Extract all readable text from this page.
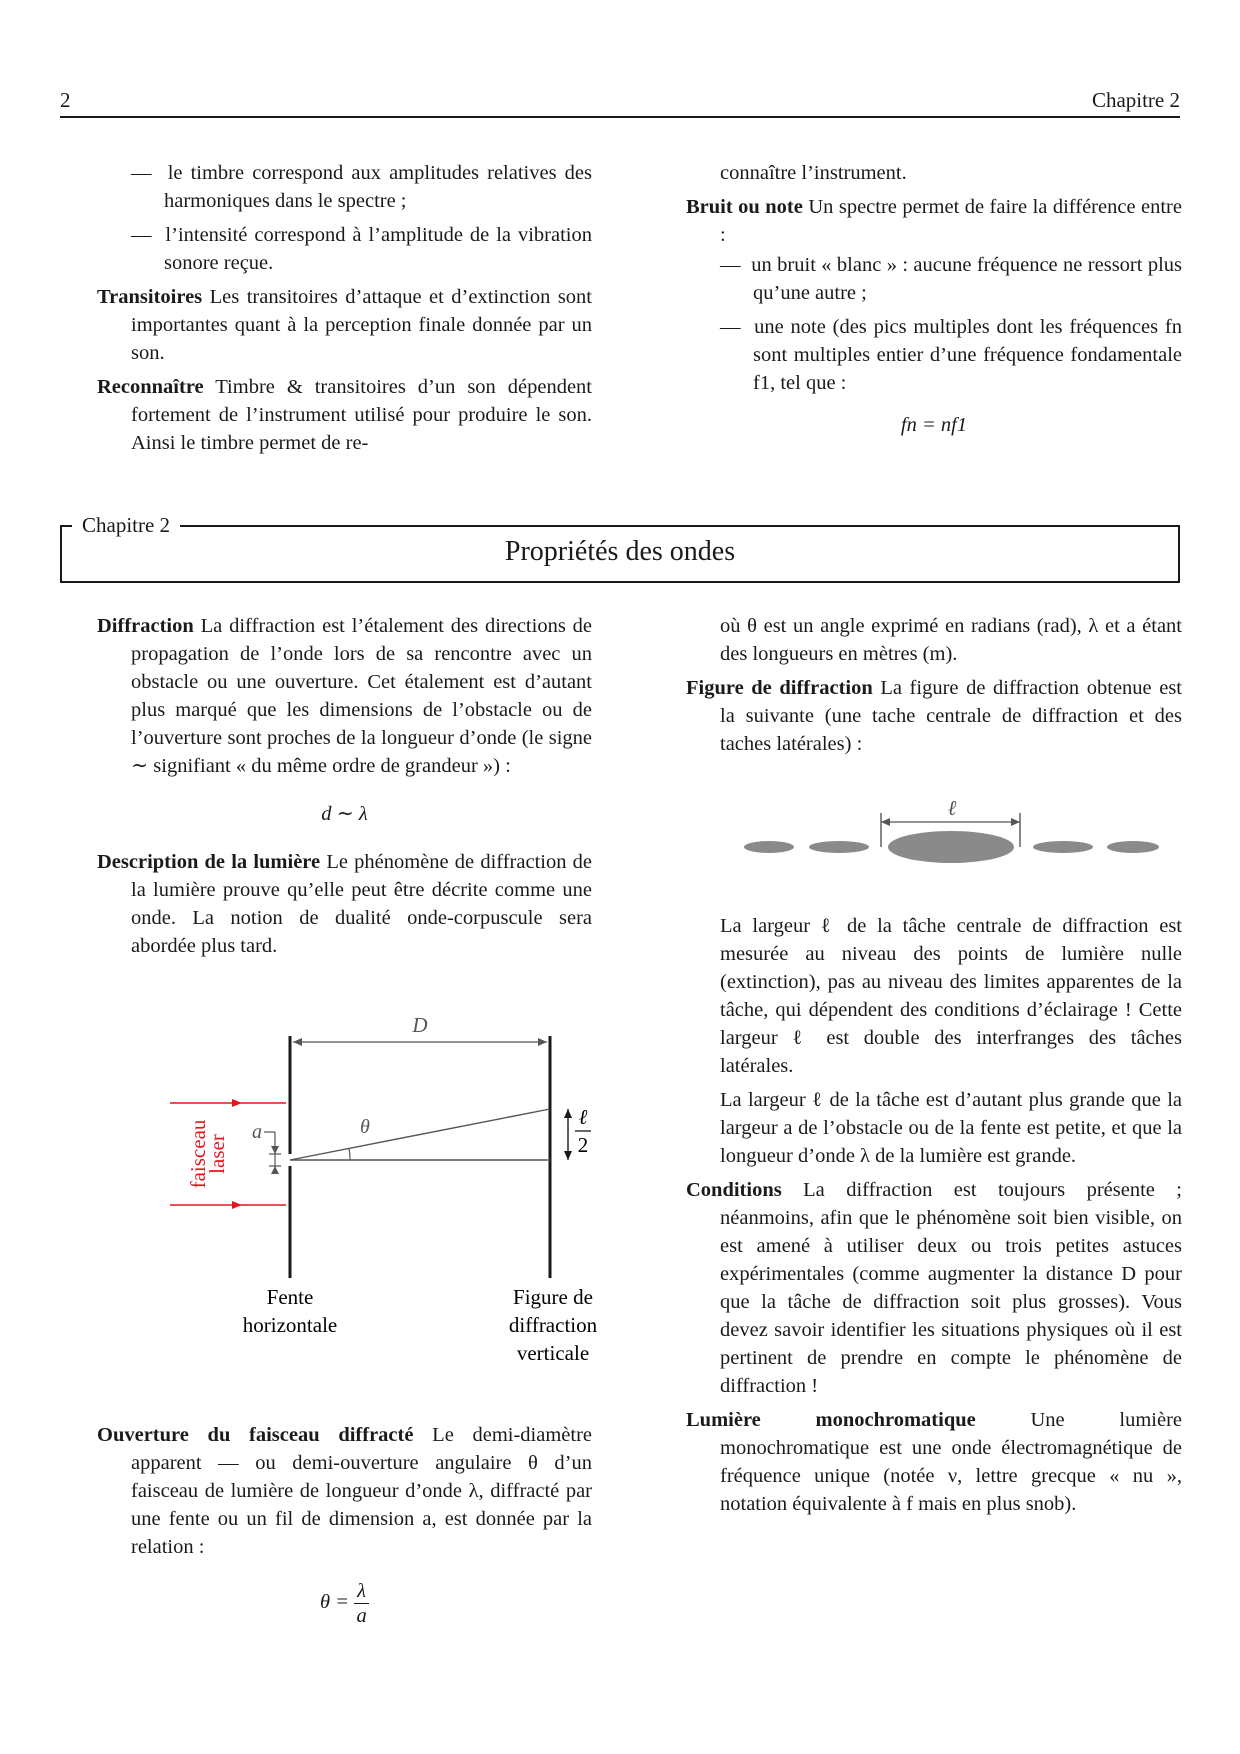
2	Chapitre 2

—  le timbre correspond aux amplitudes relatives des harmoniques dans le spectre ;

—  l’intensité correspond à l’amplitude de la vibration sonore reçue.

Transitoires Les transitoires d’attaque et d’extinction sont importantes quant à la perception finale donnée par un son.

Reconnaître Timbre & transitoires d’un son dépendent fortement de l’instrument utilisé pour produire le son. Ainsi le timbre permet de re-

connaître l’instrument.

Bruit ou note Un spectre permet de faire la différence entre :

—  un bruit « blanc » : aucune fréquence ne ressort plus qu’une autre ;

—  une note (des pics multiples dont les fréquences fn sont multiples entier d’une fréquence fondamentale f1, tel que :

fn = nf1

Chapitre 2
Propriétés des ondes

Diffraction La diffraction est l’étalement des directions de propagation de l’onde lors de sa rencontre avec un obstacle ou une ouverture. Cet étalement est d’autant plus marqué que les dimensions de l’obstacle ou de l’ouverture sont proches de la longueur d’onde (le signe ∼ signifiant « du même ordre de grandeur ») :

d ∼ λ

Description de la lumière Le phénomène de diffraction de la lumière prouve qu’elle peut être décrite comme une onde. La notion de dualité onde-corpuscule sera abordée plus tard.

D
faisceau
laser
a	θ	ℓ
2
Fente
horizontale
Figure de
diffraction
verticale

Ouverture du faisceau diffracté Le demi-diamètre apparent — ou demi-ouverture angulaire θ d’un faisceau de lumière de longueur d’onde λ, diffracté par une fente ou un fil de dimension a, est donnée par la relation :

$\theta = \frac{\lambda}{a}$

où θ est un angle exprimé en radians (rad), λ et a étant des longueurs en mètres (m).

Figure de diffraction La figure de diffraction obtenue est la suivante (une tache centrale de diffraction et des taches latérales) :

ℓ

La largeur ℓ de la tâche centrale de diffraction est mesurée au niveau des points de lumière nulle (extinction), pas au niveau des limites apparentes de la tâche, qui dépendent des conditions d’éclairage ! Cette largeur ℓ est double des interfranges des tâches latérales.

La largeur ℓ de la tâche est d’autant plus grande que la largeur a de l’obstacle ou de la fente est petite, et que la longueur d’onde λ de la lumière est grande.

Conditions La diffraction est toujours présente ; néanmoins, afin que le phénomène soit bien visible, on est amené à utiliser deux ou trois petites astuces expérimentales (comme augmenter la distance D pour que la tâche de diffraction soit plus grosses). Vous devez savoir identifier les situations physiques où il est pertinent de prendre en compte le phénomène de diffraction !

Lumière monochromatique	Une lumière monochromatique est une onde électromagnétique de fréquence unique (notée ν, lettre grecque « nu », notation équivalente à f mais en plus snob).
